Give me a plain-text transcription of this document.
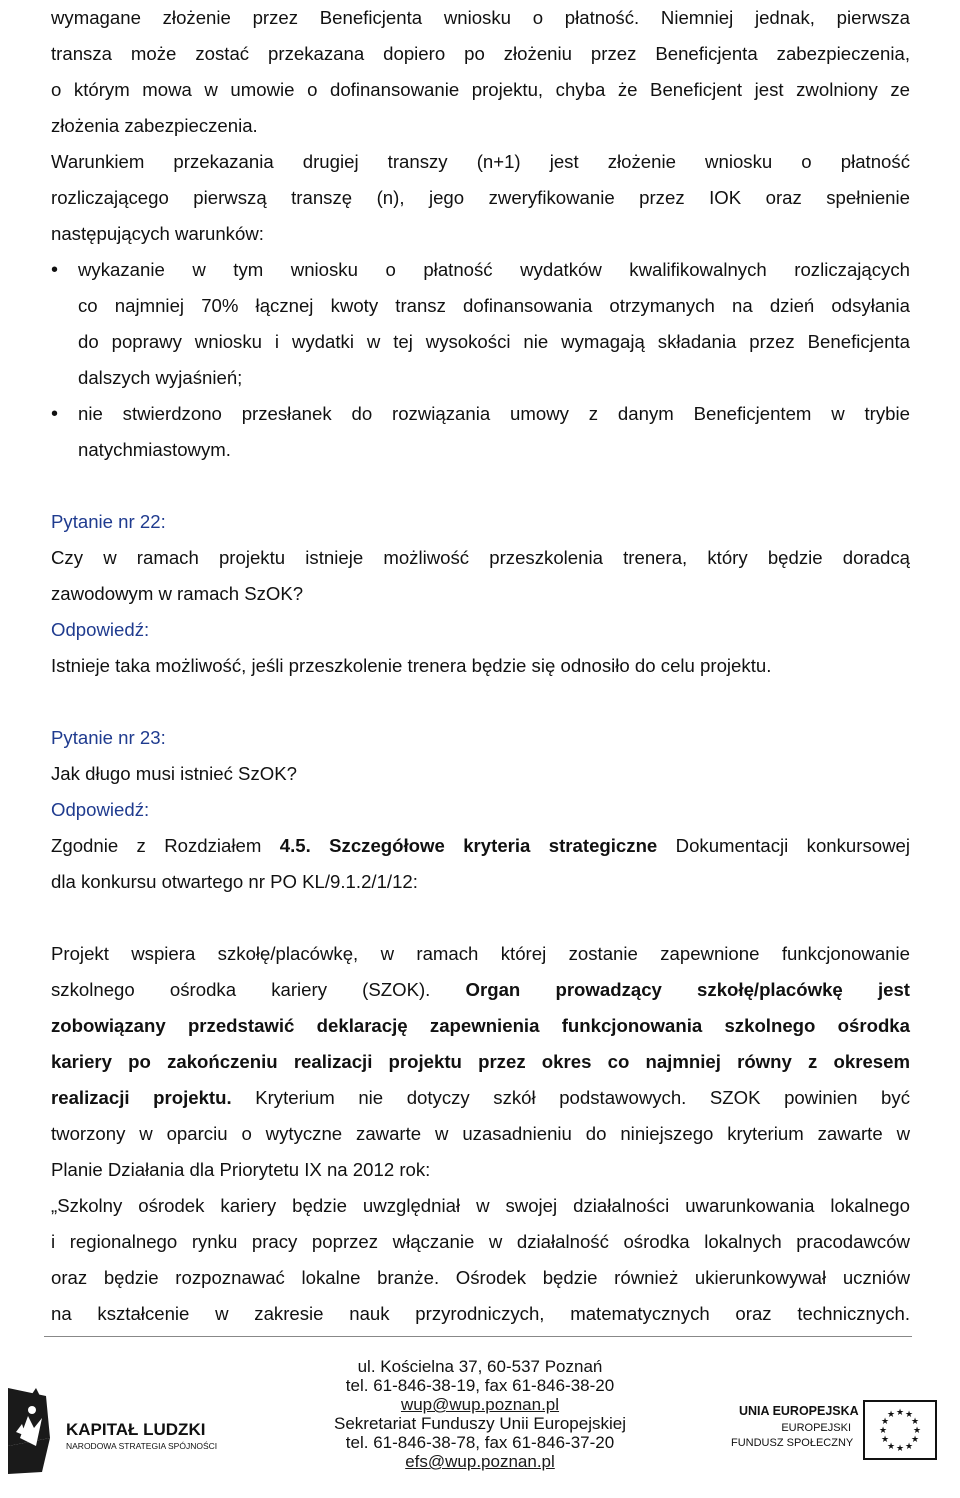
wymagane złożenie przez Beneficjenta wniosku o płatność. Niemniej jednak, pierwsza
transza może zostać przekazana dopiero po złożeniu przez Beneficjenta zabezpieczenia,
o którym mowa w umowie o dofinansowanie projektu, chyba że Beneficjent jest zwolniony ze
złożenia zabezpieczenia.
Warunkiem przekazania drugiej transzy (n+1) jest złożenie wniosku o płatność
rozliczającego pierwszą transzę (n), jego zweryfikowanie przez IOK oraz spełnienie
następujących warunków:
•	wykazanie w tym wniosku o płatność wydatków kwalifikowalnych rozliczających
co najmniej 70% łącznej kwoty transz dofinansowania otrzymanych na dzień odsyłania
do poprawy wniosku i wydatki w tej wysokości nie wymagają składania przez Beneficjenta
dalszych wyjaśnień;
•	nie stwierdzono przesłanek do rozwiązania umowy z danym Beneficjentem w trybie
natychmiastowym.
Pytanie nr 22:
Czy w ramach projektu istnieje możliwość przeszkolenia trenera, który będzie doradcą
zawodowym w ramach SzOK?
Odpowiedź:
Istnieje taka możliwość, jeśli przeszkolenie trenera będzie się odnosiło do celu projektu.
Pytanie nr 23:
Jak długo musi istnieć SzOK?
Odpowiedź:
Zgodnie z Rozdziałem 4.5. Szczegółowe kryteria strategiczne Dokumentacji konkursowej
dla konkursu otwartego nr PO KL/9.1.2/1/12:
Projekt wspiera szkołę/placówkę, w ramach której zostanie zapewnione funkcjonowanie
szkolnego ośrodka kariery (SZOK). Organ prowadzący szkołę/placówkę jest
zobowiązany przedstawić deklarację zapewnienia funkcjonowania szkolnego ośrodka
kariery po zakończeniu realizacji projektu przez okres co najmniej równy z okresem
realizacji projektu. Kryterium nie dotyczy szkół podstawowych. SZOK powinien być
tworzony w oparciu o wytyczne zawarte w uzasadnieniu do niniejszego kryterium zawarte w
Planie Działania dla Priorytetu IX na 2012 rok:
„Szkolny ośrodek kariery będzie uwzględniał w swojej działalności uwarunkowania lokalnego
i regionalnego rynku pracy poprzez włączanie w działalność ośrodka lokalnych pracodawców
oraz będzie rozpoznawać lokalne branże. Ośrodek będzie również ukierunkowywał uczniów
na kształcenie w zakresie nauk przyrodniczych, matematycznych oraz technicznych.
KAPITAŁ LUDZKI
NARODOWA STRATEGIA SPÓJNOŚCI
ul. Kościelna 37, 60-537 Poznań
tel. 61-846-38-19, fax 61-846-38-20
wup@wup.poznan.pl
Sekretariat Funduszy Unii Europejskiej
tel. 61-846-38-78, fax 61-846-37-20
efs@wup.poznan.pl
UNIA EUROPEJSKA
EUROPEJSKI
FUNDUSZ SPOŁECZNY
★ ★
★
★
★
★
★
★
★
★
★
★
